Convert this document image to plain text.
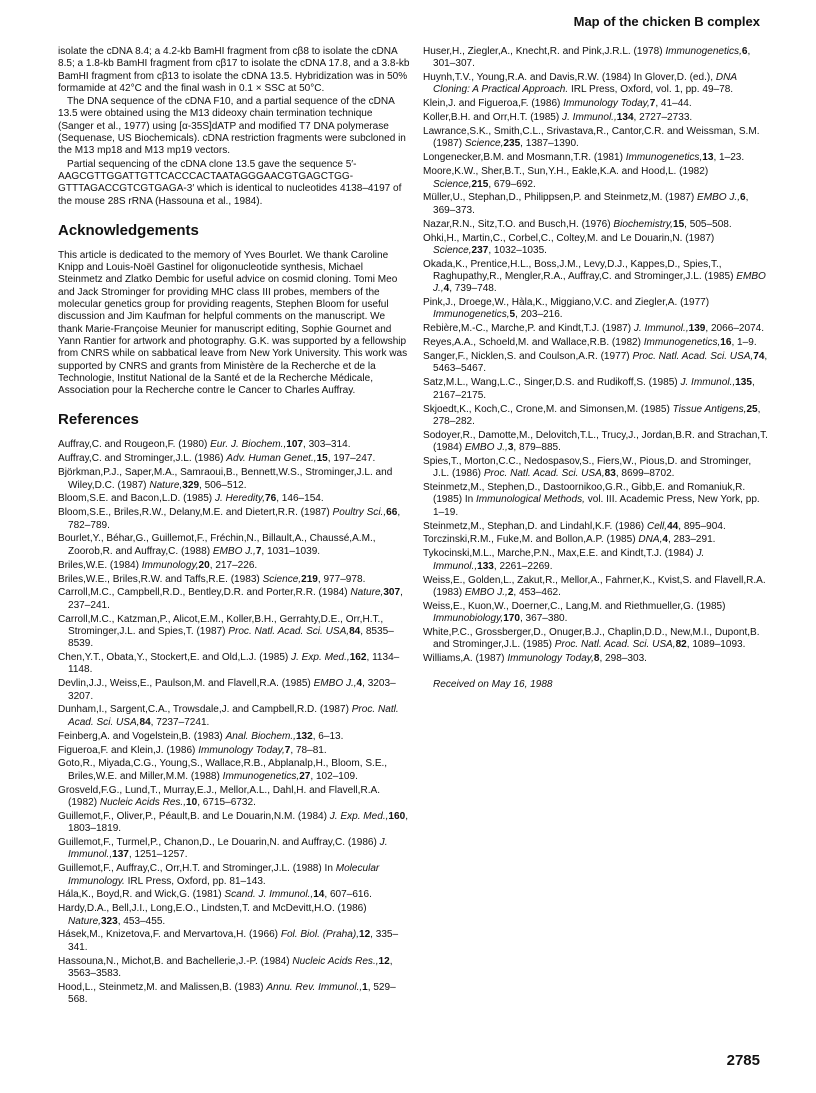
Map of the chicken B complex

isolate the cDNA 8.4; a 4.2-kb BamHI fragment from cβ8 to isolate the cDNA 8.5; a 1.8-kb BamHI fragment from cβ17 to isolate the cDNA 17.8, and a 3.8-kb BamHI fragment from cβ13 to isolate the cDNA 13.5. Hybridization was in 50% formamide at 42°C and the final wash in 0.1 × SSC at 50°C.

The DNA sequence of the cDNA F10, and a partial sequence of the cDNA 13.5 were obtained using the M13 dideoxy chain termination technique (Sanger et al., 1977) using [α-35S]dATP and modified T7 DNA polymerase (Sequenase, US Biochemicals). cDNA restriction fragments were subcloned in the M13 mp18 and M13 mp19 vectors.

Partial sequencing of the cDNA clone 13.5 gave the sequence 5′-AAGCGTTGGATTGTTCACCCACTAATAGGGAACGTGAGCTGG-GTTTAGACCGTCGTGAGA-3′ which is identical to nucleotides 4138–4197 of the mouse 28S rRNA (Hassouna et al., 1984).

Acknowledgements

This article is dedicated to the memory of Yves Bourlet. We thank Caroline Knipp and Louis-Noël Gastinel for oligonucleotide synthesis, Michael Steinmetz and Zlatko Dembic for useful advice on cosmid cloning. Tomi Meo and Jack Strominger for providing MHC class III probes, members of the molecular genetics group for providing reagents, Stephen Bloom for useful discussion and Jim Kaufman for helpful comments on the manuscript. We thank Marie-Françoise Meunier for manuscript editing, Sophie Gournet and Yann Rantier for artwork and photography. G.K. was supported by a fellowship from CNRS while on sabbatical leave from New York University. This work was supported by CNRS and grants from Ministère de la Recherche et de la Technologie, Institut National de la Santé et de la Recherche Médicale, Association pour la Recherche contre le Cancer to Charles Auffray.

References
Auffray,C. and Rougeon,F. (1980) Eur. J. Biochem.,107, 303–314.
Auffray,C. and Strominger,J.L. (1986) Adv. Human Genet.,15, 197–247.
Björkman,P.J., Saper,M.A., Samraoui,B., Bennett,W.S., Strominger,J.L. and Wiley,D.C. (1987) Nature,329, 506–512.
Bloom,S.E. and Bacon,L.D. (1985) J. Heredity,76, 146–154.
Bloom,S.E., Briles,R.W., Delany,M.E. and Dietert,R.R. (1987) Poultry Sci.,66, 782–789.
Bourlet,Y., Béhar,G., Guillemot,F., Fréchin,N., Billault,A., Chaussé,A.M., Zoorob,R. and Auffray,C. (1988) EMBO J.,7, 1031–1039.
Briles,W.E. (1984) Immunology,20, 217–226.
Briles,W.E., Briles,R.W. and Taffs,R.E. (1983) Science,219, 977–978.
Carroll,M.C., Campbell,R.D., Bentley,D.R. and Porter,R.R. (1984) Nature,307, 237–241.
Carroll,M.C., Katzman,P., Alicot,E.M., Koller,B.H., Gerrahty,D.E., Orr,H.T., Strominger,J.L. and Spies,T. (1987) Proc. Natl. Acad. Sci. USA,84, 8535–8539.
Chen,Y.T., Obata,Y., Stockert,E. and Old,L.J. (1985) J. Exp. Med.,162, 1134–1148.
Devlin,J.J., Weiss,E., Paulson,M. and Flavell,R.A. (1985) EMBO J.,4, 3203–3207.
Dunham,I., Sargent,C.A., Trowsdale,J. and Campbell,R.D. (1987) Proc. Natl. Acad. Sci. USA,84, 7237–7241.
Feinberg,A. and Vogelstein,B. (1983) Anal. Biochem.,132, 6–13.
Figueroa,F. and Klein,J. (1986) Immunology Today,7, 78–81.
Goto,R., Miyada,C.G., Young,S., Wallace,R.B., Abplanalp,H., Bloom, S.E., Briles,W.E. and Miller,M.M. (1988) Immunogenetics,27, 102–109.
Grosveld,F.G., Lund,T., Murray,E.J., Mellor,A.L., Dahl,H. and Flavell,R.A. (1982) Nucleic Acids Res.,10, 6715–6732.
Guillemot,F., Oliver,P., Péault,B. and Le Douarin,N.M. (1984) J. Exp. Med.,160, 1803–1819.
Guillemot,F., Turmel,P., Chanon,D., Le Douarin,N. and Auffray,C. (1986) J. Immunol.,137, 1251–1257.
Guillemot,F., Auffray,C., Orr,H.T. and Strominger,J.L. (1988) In Molecular Immunology. IRL Press, Oxford, pp. 81–143.
Hála,K., Boyd,R. and Wick,G. (1981) Scand. J. Immunol.,14, 607–616.
Hardy,D.A., Bell,J.I., Long,E.O., Lindsten,T. and McDevitt,H.O. (1986) Nature,323, 453–455.
Hásek,M., Knizetova,F. and Mervartova,H. (1966) Fol. Biol. (Praha),12, 335–341.
Hassouna,N., Michot,B. and Bachellerie,J.-P. (1984) Nucleic Acids Res.,12, 3563–3583.
Hood,L., Steinmetz,M. and Malissen,B. (1983) Annu. Rev. Immunol.,1, 529–568.
Huser,H., Ziegler,A., Knecht,R. and Pink,J.R.L. (1978) Immunogenetics,6, 301–307.
Huynh,T.V., Young,R.A. and Davis,R.W. (1984) In Glover,D. (ed.), DNA Cloning: A Practical Approach. IRL Press, Oxford, vol. 1, pp. 49–78.
Klein,J. and Figueroa,F. (1986) Immunology Today,7, 41–44.
Koller,B.H. and Orr,H.T. (1985) J. Immunol.,134, 2727–2733.
Lawrance,S.K., Smith,C.L., Srivastava,R., Cantor,C.R. and Weissman, S.M. (1987) Science,235, 1387–1390.
Longenecker,B.M. and Mosmann,T.R. (1981) Immunogenetics,13, 1–23.
Moore,K.W., Sher,B.T., Sun,Y.H., Eakle,K.A. and Hood,L. (1982) Science,215, 679–692.
Müller,U., Stephan,D., Philippsen,P. and Steinmetz,M. (1987) EMBO J.,6, 369–373.
Nazar,R.N., Sitz,T.O. and Busch,H. (1976) Biochemistry,15, 505–508.
Ohki,H., Martin,C., Corbel,C., Coltey,M. and Le Douarin,N. (1987) Science,237, 1032–1035.
Okada,K., Prentice,H.L., Boss,J.M., Levy,D.J., Kappes,D., Spies,T., Raghupathy,R., Mengler,R.A., Auffray,C. and Strominger,J.L. (1985) EMBO J.,4, 739–748.
Pink,J., Droege,W., Hàla,K., Miggiano,V.C. and Ziegler,A. (1977) Immunogenetics,5, 203–216.
Rebière,M.-C., Marche,P. and Kindt,T.J. (1987) J. Immunol.,139, 2066–2074.
Reyes,A.A., Schoeld,M. and Wallace,R.B. (1982) Immunogenetics,16, 1–9.
Sanger,F., Nicklen,S. and Coulson,A.R. (1977) Proc. Natl. Acad. Sci. USA,74, 5463–5467.
Satz,M.L., Wang,L.C., Singer,D.S. and Rudikoff,S. (1985) J. Immunol.,135, 2167–2175.
Skjoedt,K., Koch,C., Crone,M. and Simonsen,M. (1985) Tissue Antigens,25, 278–282.
Sodoyer,R., Damotte,M., Delovitch,T.L., Trucy,J., Jordan,B.R. and Strachan,T. (1984) EMBO J.,3, 879–885.
Spies,T., Morton,C.C., Nedospasov,S., Fiers,W., Pious,D. and Strominger, J.L. (1986) Proc. Natl. Acad. Sci. USA,83, 8699–8702.
Steinmetz,M., Stephen,D., Dastoornikoo,G.R., Gibb,E. and Romaniuk,R. (1985) In Immunological Methods, vol. III. Academic Press, New York, pp. 1–19.
Steinmetz,M., Stephan,D. and Lindahl,K.F. (1986) Cell,44, 895–904.
Torczinski,R.M., Fuke,M. and Bollon,A.P. (1985) DNA,4, 283–291.
Tykocinski,M.L., Marche,P.N., Max,E.E. and Kindt,T.J. (1984) J. Immunol.,133, 2261–2269.
Weiss,E., Golden,L., Zakut,R., Mellor,A., Fahrner,K., Kvist,S. and Flavell,R.A. (1983) EMBO J.,2, 453–462.
Weiss,E., Kuon,W., Doerner,C., Lang,M. and Riethmueller,G. (1985) Immunobiology,170, 367–380.
White,P.C., Grossberger,D., Onuger,B.J., Chaplin,D.D., New,M.I., Dupont,B. and Strominger,J.L. (1985) Proc. Natl. Acad. Sci. USA,82, 1089–1093.
Williams,A. (1987) Immunology Today,8, 298–303.
Received on May 16, 1988
2785
